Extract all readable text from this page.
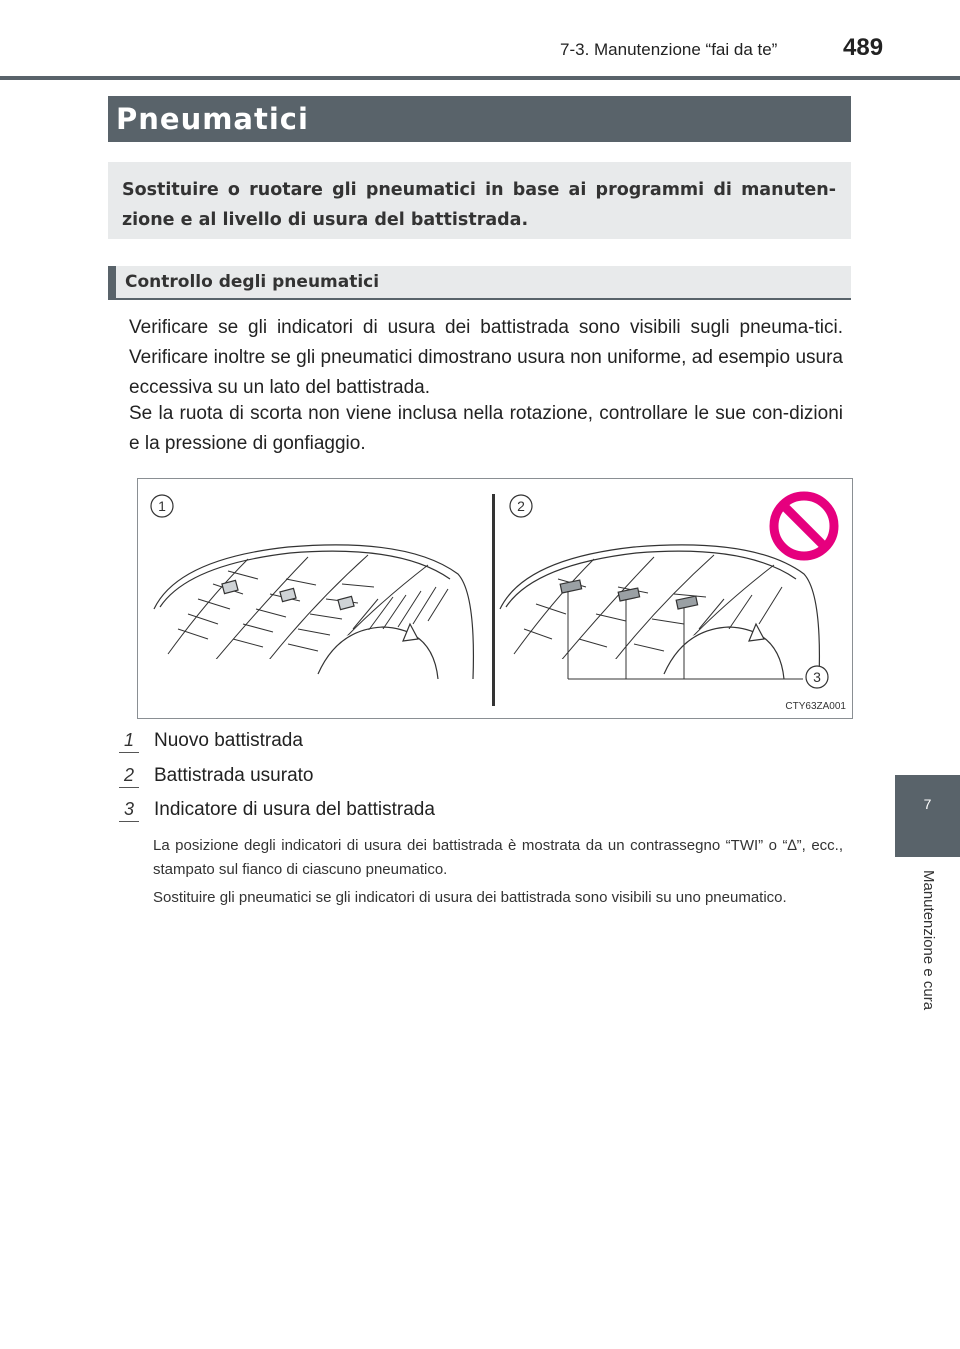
7-3. Manutenzione “fai da te”	489
7
Manutenzione e cura
Pneumatici
Sostituire o ruotare gli pneumatici in base ai programmi di manuten-zione e al livello di usura del battistrada.
Controllo degli pneumatici
Verificare se gli indicatori di usura dei battistrada sono visibili sugli pneuma-tici. Verificare inoltre se gli pneumatici dimostrano usura non uniforme, ad esempio usura eccessiva su un lato del battistrada.
Se la ruota di scorta non viene inclusa nella rotazione, controllare le sue con-dizioni e la pressione di gonfiaggio.
1	2
3
CTY63ZA001
1	Nuovo battistrada
2	Battistrada usurato
3	Indicatore di usura del battistrada
La posizione degli indicatori di usura dei battistrada è mostrata da un contrassegno “TWI” o “∆”, ecc., stampato sul fianco di ciascuno pneumatico.
Sostituire gli pneumatici se gli indicatori di usura dei battistrada sono visibili su uno pneumatico.
